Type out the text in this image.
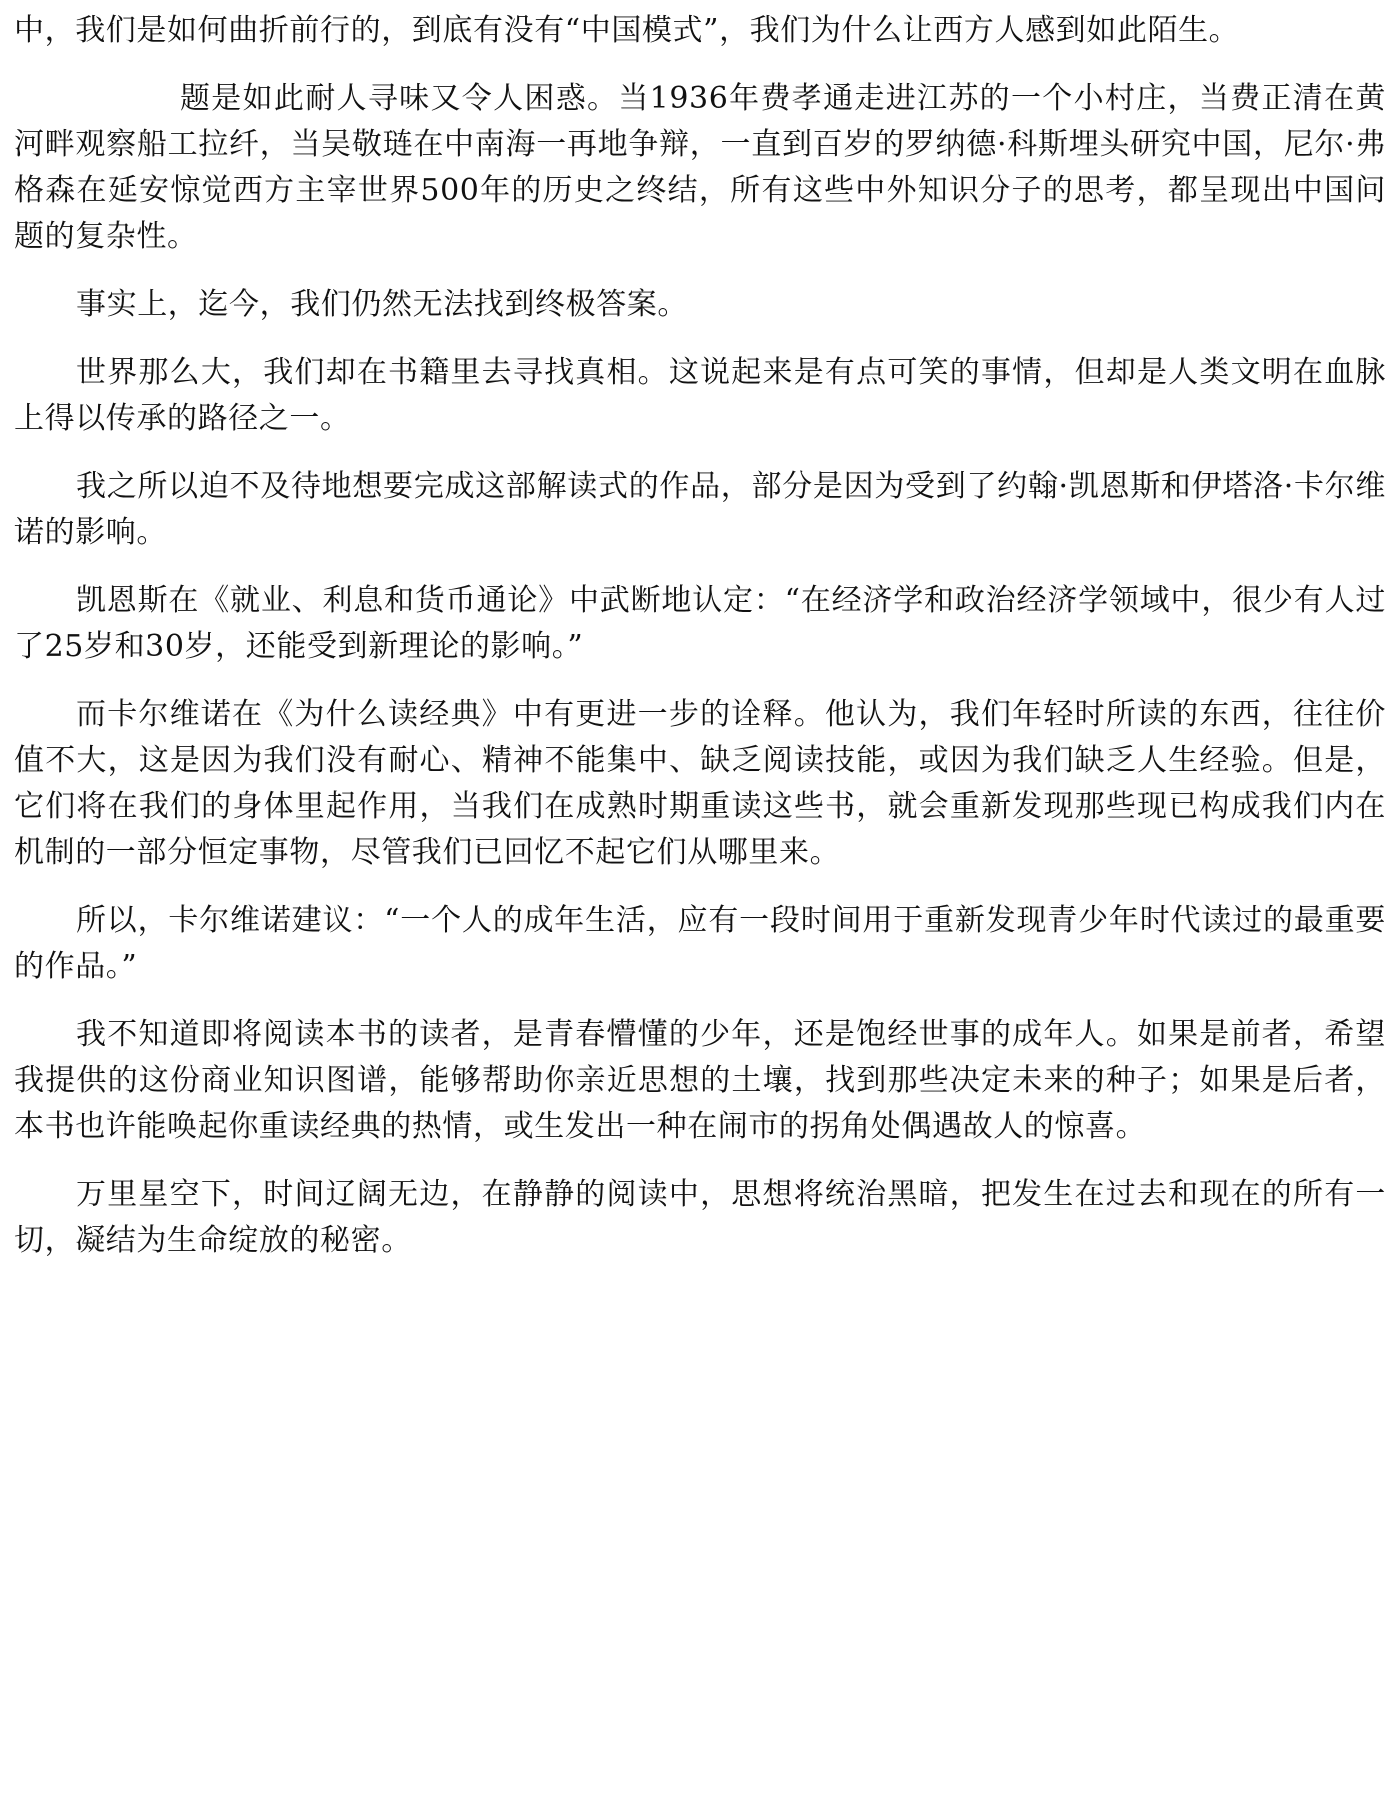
中，我们是如何曲折前行的，到底有没有“中国模式”，我们为什么让西方人感到如此陌生。

题是如此耐人寻味又令人困惑。当1936年费孝通走进江苏的一个小村庄，当费正清在黄河畔观察船工拉纤，当吴敬琏在中南海一再地争辩，一直到百岁的罗纳德·科斯埋头研究中国，尼尔·弗格森在延安惊觉西方主宰世界500年的历史之终结，所有这些中外知识分子的思考，都呈现出中国问题的复杂性。

事实上，迄今，我们仍然无法找到终极答案。

世界那么大，我们却在书籍里去寻找真相。这说起来是有点可笑的事情，但却是人类文明在血脉上得以传承的路径之一。

我之所以迫不及待地想要完成这部解读式的作品，部分是因为受到了约翰·凯恩斯和伊塔洛·卡尔维诺的影响。

凯恩斯在《就业、利息和货币通论》中武断地认定：“在经济学和政治经济学领域中，很少有人过了25岁和30岁，还能受到新理论的影响。”

而卡尔维诺在《为什么读经典》中有更进一步的诠释。他认为，我们年轻时所读的东西，往往价值不大，这是因为我们没有耐心、精神不能集中、缺乏阅读技能，或因为我们缺乏人生经验。但是，它们将在我们的身体里起作用，当我们在成熟时期重读这些书，就会重新发现那些现已构成我们内在机制的一部分恒定事物，尽管我们已回忆不起它们从哪里来。

所以，卡尔维诺建议：“一个人的成年生活，应有一段时间用于重新发现青少年时代读过的最重要的作品。”

我不知道即将阅读本书的读者，是青春懵懂的少年，还是饱经世事的成年人。如果是前者，希望我提供的这份商业知识图谱，能够帮助你亲近思想的土壤，找到那些决定未来的种子；如果是后者，本书也许能唤起你重读经典的热情，或生发出一种在闹市的拐角处偶遇故人的惊喜。

万里星空下，时间辽阔无边，在静静的阅读中，思想将统治黑暗，把发生在过去和现在的所有一切，凝结为生命绽放的秘密。
